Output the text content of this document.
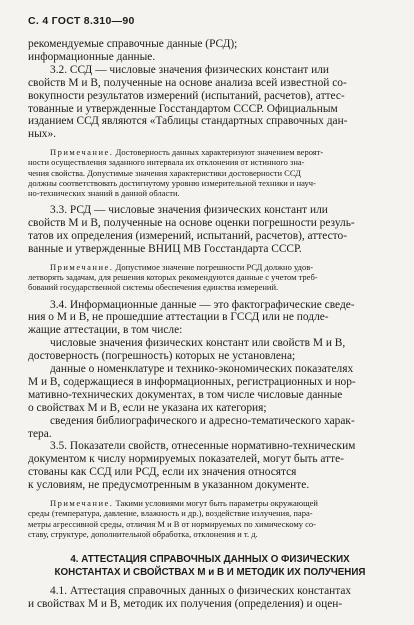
С. 4 ГОСТ 8.310—90
рекомендуемые справочные данные (РСД);
информационные данные.
3.2. ССД — числовые значения физических констант или
свойств М и В, полученные на основе анализа всей известной со-
вокупности результатов измерений (испытаний, расчетов), аттес-
тованные и утвержденные Госстандартом СССР. Официальным
изданием ССД являются «Таблицы стандартных справочных дан-
ных».
Примечание. Достоверность данных характеризуют значением вероят-
ности осуществления заданного интервала их отклонения от истинного зна-
чения свойства. Допустимые значения характеристики достоверности ССД
должны соответствовать достигнутому уровню измерительной техники и науч-
но-технических знаний в данной области.
3.3. РСД — числовые значения физических констант или
свойств М и В, полученные на основе оценки погрешности резуль-
татов их определения (измерений, испытаний, расчетов), аттесто-
ванные и утвержденные ВНИЦ МВ Госстандарта СССР.
Примечание. Допустимое значение погрешности РСД должно удов-
летворять задачам, для решения которых рекомендуются данные с учетом треб-
бований государственной системы обеспечения единства измерений.
3.4. Информационные данные — это фактографические сведе-
ния о М и В, не прошедшие аттестации в ГССД или не подле-
жащие аттестации, в том числе:
числовые значения физических констант или свойств М и В,
достоверность (погрешность) которых не установлена;
данные о номенклатуре и технико-экономических показателях
М и В, содержащиеся в информационных, регистрационных и нор-
мативно-технических документах, в том числе числовые данные
о свойствах М и В, если не указана их категория;
сведения библиографического и адресно-тематического харак-
тера.
3.5. Показатели свойств, отнесенные нормативно-техническим
документом к числу нормируемых показателей, могут быть атте-
стованы как ССД или РСД, если их значения относятся
к условиям, не предусмотренным в указанном документе.
Примечание. Такими условиями могут быть параметры окружающей
среды (температура, давление, влажность и др.), воздействие излучения, пара-
метры агрессивной среды, отличия М и В от нормируемых по химическому со-
ставу, структуре, дополнительной обработка, отклонения и т. д.
4. АТТЕСТАЦИЯ СПРАВОЧНЫХ ДАННЫХ О ФИЗИЧЕСКИХ
КОНСТАНТАХ И СВОЙСТВАХ М и В И МЕТОДИК ИХ ПОЛУЧЕНИЯ
4.1. Аттестация справочных данных о физических константах
и свойствах М и В, методик их получения (определения) и оцен-
